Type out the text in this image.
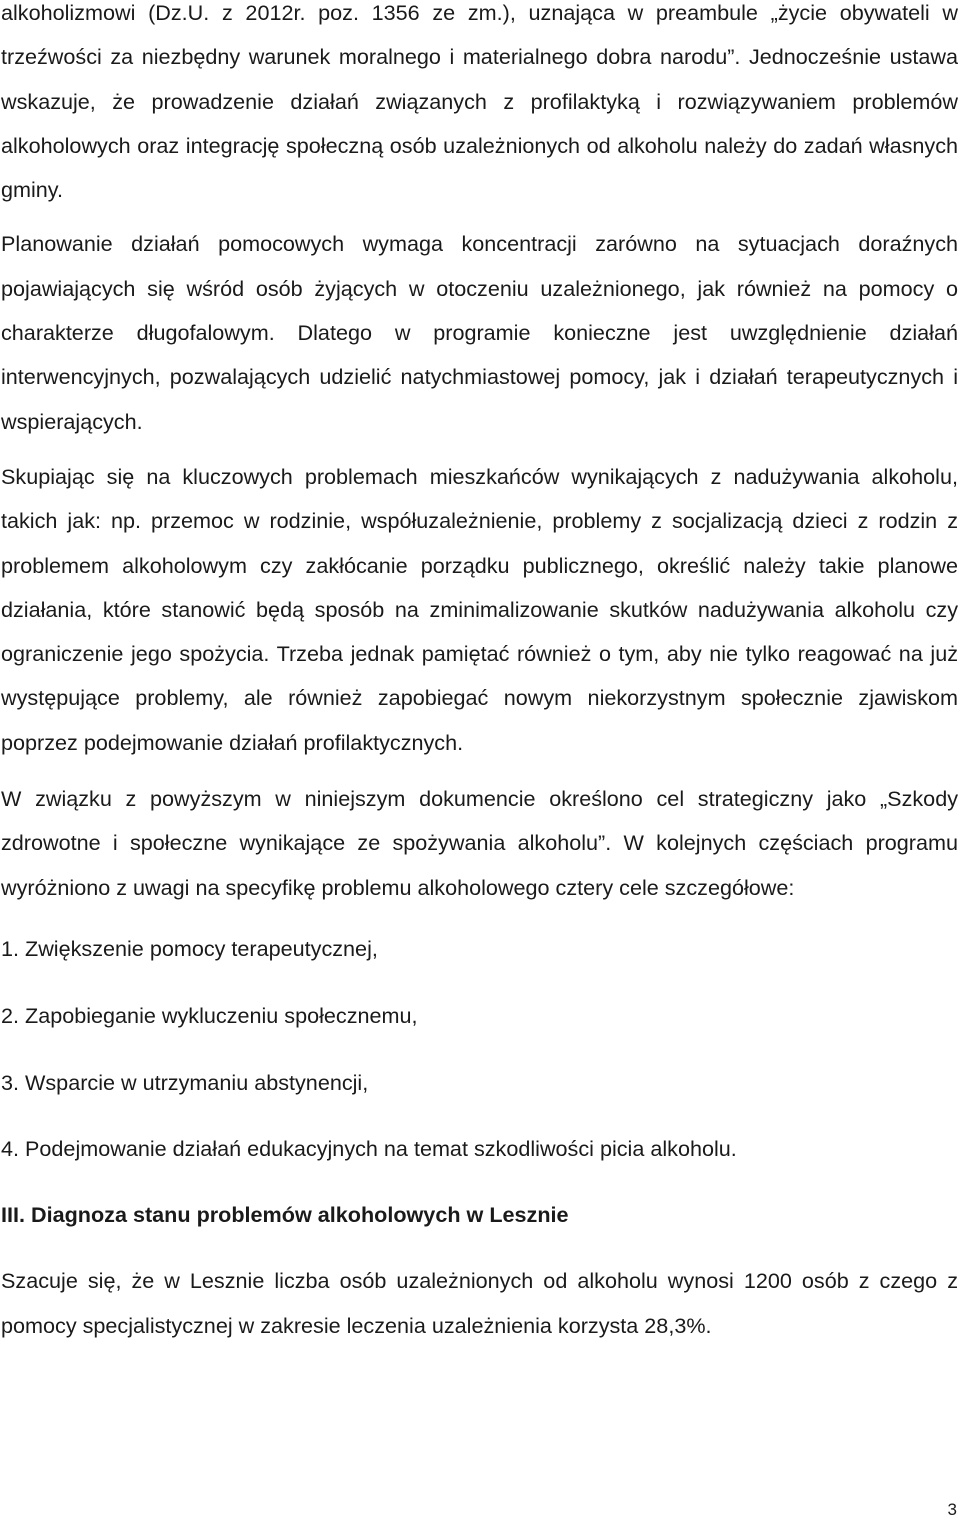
alkoholizmowi (Dz.U. z 2012r. poz. 1356 ze zm.), uznająca w preambule „życie obywateli w trzeźwości za niezbędny warunek moralnego i materialnego dobra narodu”. Jednocześnie ustawa wskazuje, że prowadzenie działań związanych z profilaktyką i rozwiązywaniem problemów alkoholowych oraz integrację społeczną osób uzależnionych od alkoholu należy do zadań własnych gminy.

Planowanie działań pomocowych wymaga koncentracji zarówno na sytuacjach doraźnych pojawiających się wśród osób żyjących w otoczeniu uzależnionego, jak również na pomocy o charakterze długofalowym. Dlatego w programie konieczne jest uwzględnienie działań interwencyjnych, pozwalających udzielić natychmiastowej pomocy, jak i działań terapeutycznych i wspierających.

Skupiając się na kluczowych problemach mieszkańców wynikających z nadużywania alkoholu, takich jak: np. przemoc w rodzinie, współuzależnienie, problemy z socjalizacją dzieci z rodzin z problemem alkoholowym czy zakłócanie porządku publicznego, określić należy takie planowe działania, które stanowić będą sposób na zminimalizowanie skutków nadużywania alkoholu czy ograniczenie jego spożycia. Trzeba jednak pamiętać również o tym, aby nie tylko reagować na już występujące problemy, ale również zapobiegać nowym niekorzystnym społecznie zjawiskom poprzez podejmowanie działań profilaktycznych.

W związku z powyższym w niniejszym dokumencie określono cel strategiczny jako „Szkody zdrowotne i społeczne wynikające ze spożywania alkoholu”. W kolejnych częściach programu wyróżniono z uwagi na specyfikę problemu alkoholowego cztery cele szczegółowe:

1. Zwiększenie pomocy terapeutycznej,

2. Zapobieganie wykluczeniu społecznemu,

3. Wsparcie w utrzymaniu abstynencji,

4. Podejmowanie działań edukacyjnych na temat szkodliwości picia alkoholu.

III. Diagnoza stanu problemów alkoholowych w Lesznie

Szacuje się, że w Lesznie liczba osób uzależnionych od alkoholu wynosi 1200 osób z czego z pomocy specjalistycznej w zakresie leczenia uzależnienia korzysta 28,3%.

3
